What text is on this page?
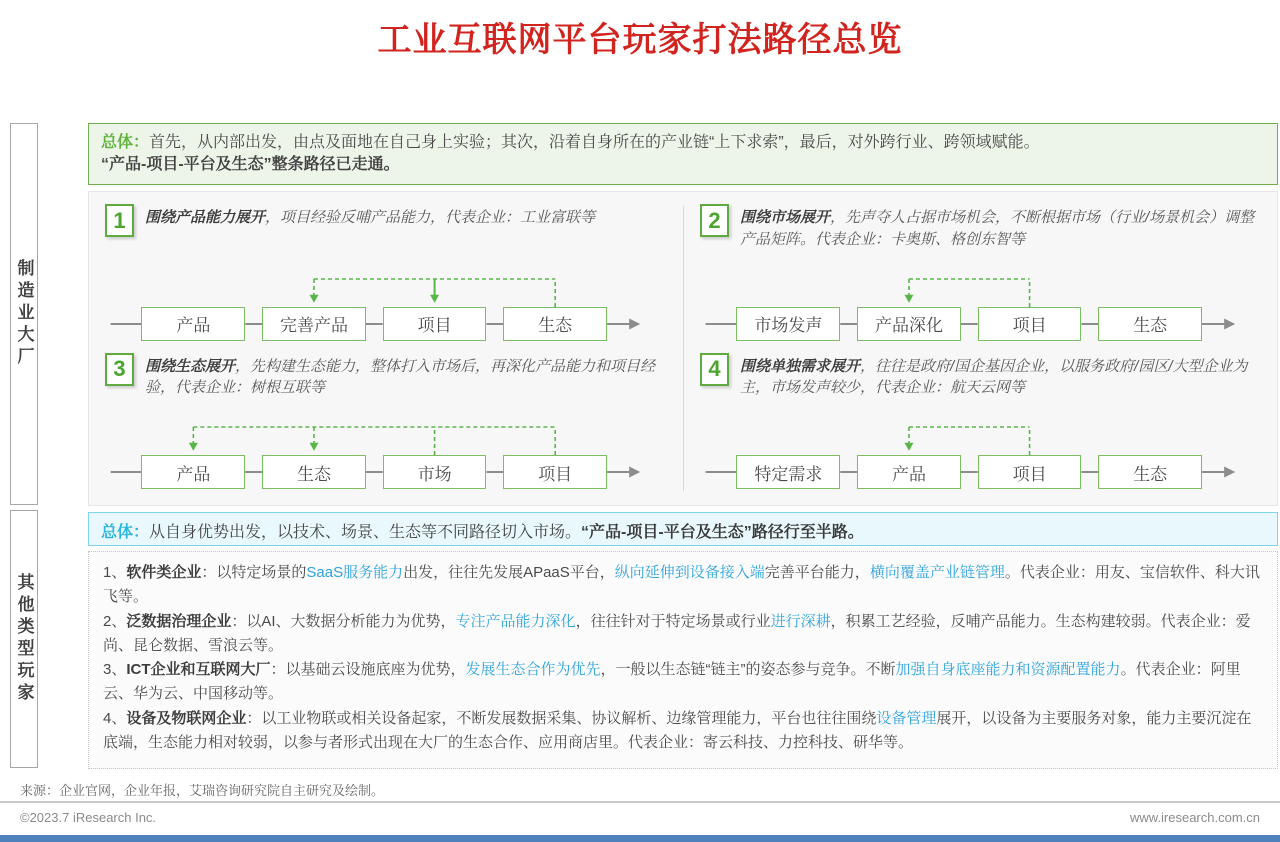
工业互联网平台玩家打法路径总览
制造业大厂
其他类型玩家
总体：首先，从内部出发，由点及面地在自己身上实验；其次，沿着自身所在的产业链“上下求索”，最后，对外跨行业、跨领域赋能。
“产品-项目-平台及生态”整条路径已走通。
1	围绕产品能力展开，项目经验反哺产品能力，代表企业：工业富联等
产品	完善产品	项目	生态
2	围绕市场展开，先声夺人占据市场机会，不断根据市场（行业/场景机会）调整产品矩阵。代表企业：卡奥斯、格创东智等
市场发声	产品深化	项目	生态
3	围绕生态展开，先构建生态能力，整体打入市场后，再深化产品能力和项目经验，代表企业：树根互联等
产品	生态	市场	项目
4	围绕单独需求展开，往往是政府/国企基因企业，以服务政府/园区/大型企业为主，市场发声较少，代表企业：航天云网等
特定需求	产品	项目	生态
总体：从自身优势出发，以技术、场景、生态等不同路径切入市场。“产品-项目-平台及生态”路径行至半路。

1、软件类企业：以特定场景的SaaS服务能力出发，往往先发展APaaS平台，纵向延伸到设备接入端完善平台能力，横向覆盖产业链管理。代表企业：用友、宝信软件、科大讯飞等。

2、泛数据治理企业：以AI、大数据分析能力为优势，专注产品能力深化，往往针对于特定场景或行业进行深耕，积累工艺经验，反哺产品能力。生态构建较弱。代表企业：爱尚、昆仑数据、雪浪云等。

3、ICT企业和互联网大厂：以基础云设施底座为优势，发展生态合作为优先，一般以生态链“链主”的姿态参与竞争。不断加强自身底座能力和资源配置能力。代表企业：阿里云、华为云、中国移动等。

4、设备及物联网企业：以工业物联或相关设备起家，不断发展数据采集、协议解析、边缘管理能力，平台也往往围绕设备管理展开，以设备为主要服务对象，能力主要沉淀在底端，生态能力相对较弱，以参与者形式出现在大厂的生态合作、应用商店里。代表企业：寄云科技、力控科技、研华等。

来源：企业官网，企业年报，艾瑞咨询研究院自主研究及绘制。
©2023.7 iResearch Inc.	www.iresearch.com.cn
